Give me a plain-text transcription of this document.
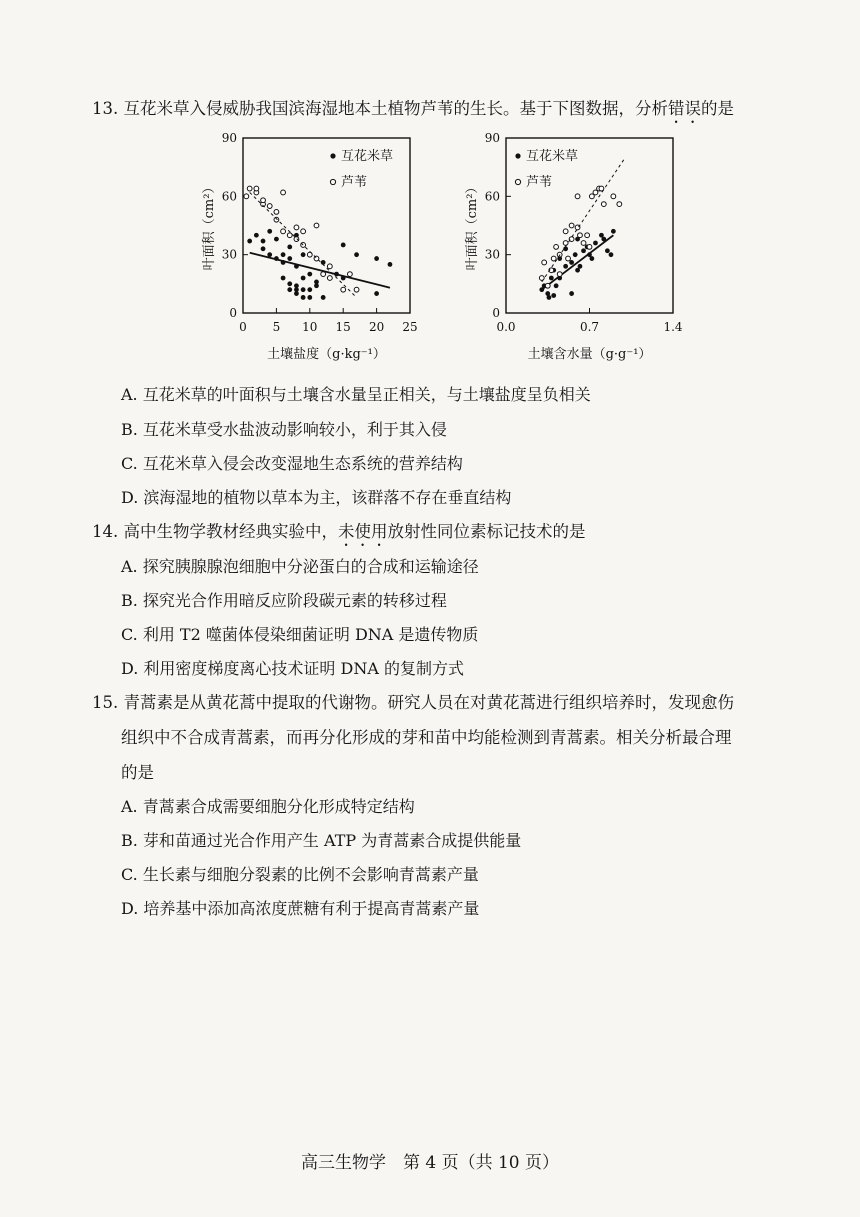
13. 互花米草入侵威胁我国滨海湿地本土植物芦苇的生长。基于下图数据，分析错误的是
0
30
60
90
0 5 10 15 20 25
土壤盐度（g·kg⁻¹）
叶面积（cm²）
互花米草
芦苇
0
30
60
90
0.0	0.7	1.4
土壤含水量（g·g⁻¹）
叶面积（cm²）
互花米草
芦苇
A. 互花米草的叶面积与土壤含水量呈正相关，与土壤盐度呈负相关
B. 互花米草受水盐波动影响较小，利于其入侵
C. 互花米草入侵会改变湿地生态系统的营养结构
D. 滨海湿地的植物以草本为主，该群落不存在垂直结构
14. 高中生物学教材经典实验中，未使用放射性同位素标记技术的是
A. 探究胰腺腺泡细胞中分泌蛋白的合成和运输途径
B. 探究光合作用暗反应阶段碳元素的转移过程
C. 利用 T2 噬菌体侵染细菌证明 DNA 是遗传物质
D. 利用密度梯度离心技术证明 DNA 的复制方式
15. 青蒿素是从黄花蒿中提取的代谢物。研究人员在对黄花蒿进行组织培养时，发现愈伤
组织中不合成青蒿素，而再分化形成的芽和苗中均能检测到青蒿素。相关分析最合理
的是
A. 青蒿素合成需要细胞分化形成特定结构
B. 芽和苗通过光合作用产生 ATP 为青蒿素合成提供能量
C. 生长素与细胞分裂素的比例不会影响青蒿素产量
D. 培养基中添加高浓度蔗糖有利于提高青蒿素产量
高三生物学　第 4 页（共 10 页）
